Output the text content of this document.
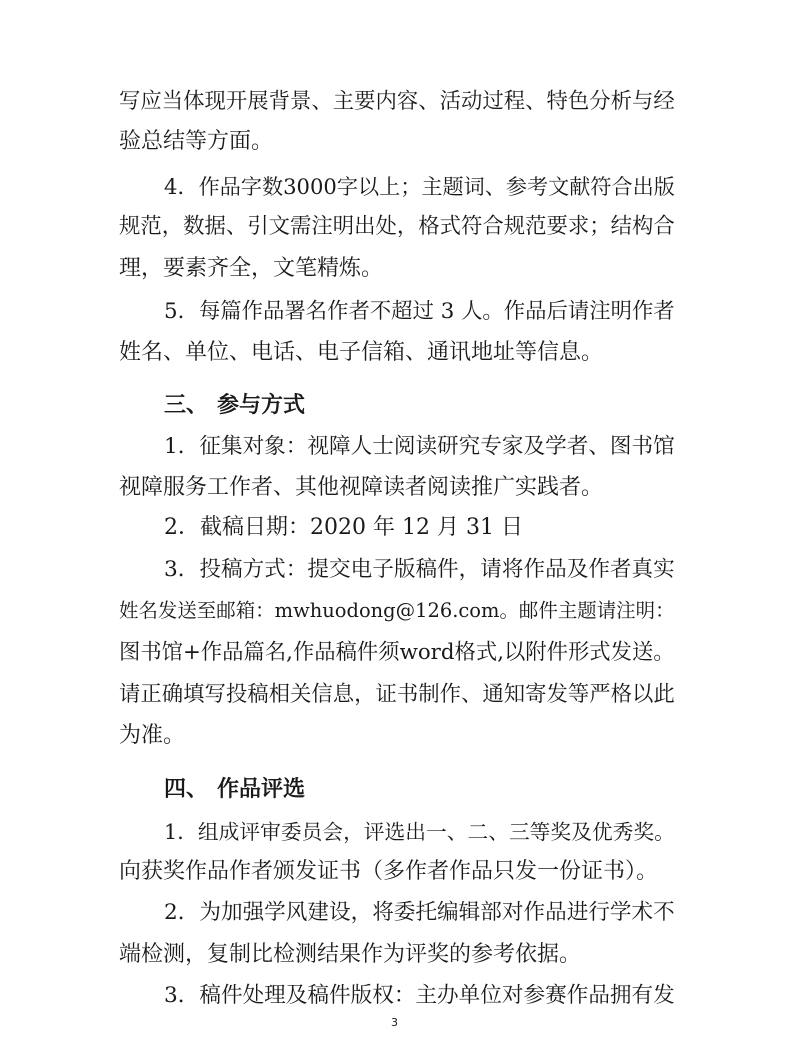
写应当体现开展背景、主要内容、活动过程、特色分析与经
验总结等方面。
4．作品字数3000字以上；主题词、参考文献符合出版
规范，数据、引文需注明出处，格式符合规范要求；结构合
理，要素齐全，文笔精炼。
5．每篇作品署名作者不超过 3 人。作品后请注明作者
姓名、单位、电话、电子信箱、通讯地址等信息。
三、 参与方式
1．征集对象：视障人士阅读研究专家及学者、图书馆
视障服务工作者、其他视障读者阅读推广实践者。
2．截稿日期：2020 年 12 月 31 日
3．投稿方式：提交电子版稿件，请将作品及作者真实
姓名发送至邮箱：mwhuodong@126.com。邮件主题请注明：
图书馆+作品篇名,作品稿件须word格式,以附件形式发送。
请正确填写投稿相关信息，证书制作、通知寄发等严格以此
为准。
四、 作品评选
1．组成评审委员会，评选出一、二、三等奖及优秀奖。
向获奖作品作者颁发证书（多作者作品只发一份证书）。
2．为加强学风建设，将委托编辑部对作品进行学术不
端检测，复制比检测结果作为评奖的参考依据。
3．稿件处理及稿件版权：主办单位对参赛作品拥有发
3
